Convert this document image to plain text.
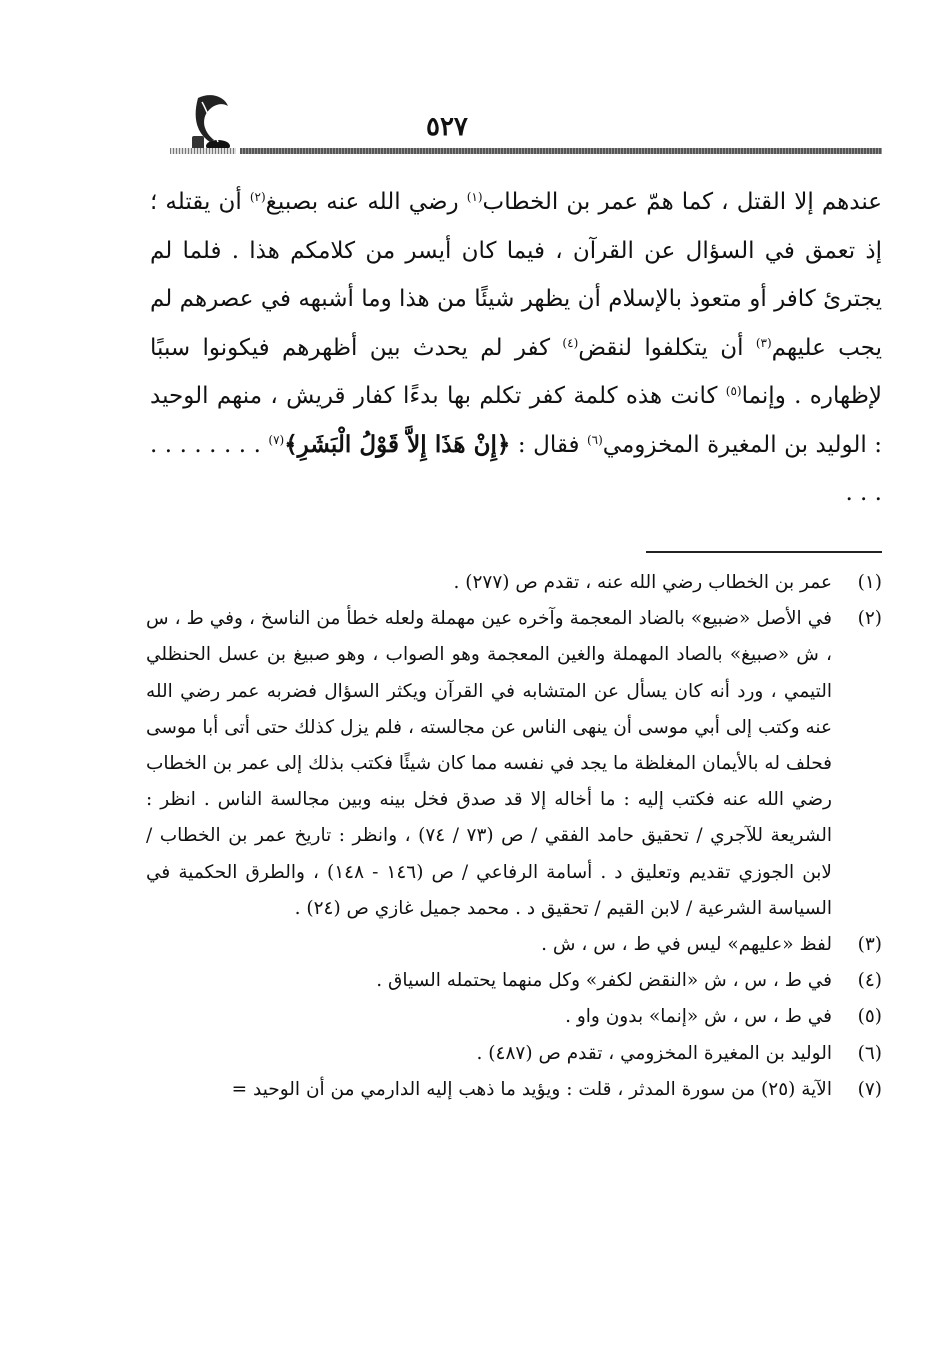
٥٢٧

عندهم إلا القتل ، كما همّ عمر بن الخطاب$^{(١)}$ رضي الله عنه بصبيغ$^{(٢)}$ أن يقتله ؛ إذ تعمق في السؤال عن القرآن ، فيما كان أيسر من كلامكم هذا . فلما لم يجترئ كافر أو متعوذ بالإسلام أن يظهر شيئًا من هذا وما أشبهه في عصرهم لم يجب عليهم$^{(٣)}$ أن يتكلفوا لنقض$^{(٤)}$ كفر لم يحدث بين أظهرهم فيكونوا سببًا لإظهاره . وإنما$^{(٥)}$ كانت هذه كلمة كفر تكلم بها بدءًا كفار قريش ، منهم الوحيد : الوليد بن المغيرة المخزومي$^{(٦)}$ فقال : ﴿إِنْ هَذَا إِلاَّ قَوْلُ الْبَشَرِ﴾$^{(٧)}$ . . . . . . . . . . .

(١)
عمر بن الخطاب رضي الله عنه ، تقدم ص (٢٧٧) .
(٢)
في الأصل «ضبيع» بالضاد المعجمة وآخره عين مهملة ولعله خطأ من الناسخ ، وفي ط ، س ، ش «صبيغ» بالصاد المهملة والغين المعجمة وهو الصواب ، وهو صبيغ بن عسل الحنظلي التيمي ، ورد أنه كان يسأل عن المتشابه في القرآن ويكثر السؤال فضربه عمر رضي الله عنه وكتب إلى أبي موسى أن ينهى الناس عن مجالسته ، فلم يزل كذلك حتى أتى أبا موسى فحلف له بالأيمان المغلظة ما يجد في نفسه مما كان شيئًا فكتب بذلك إلى عمر بن الخطاب رضي الله عنه فكتب إليه : ما أخاله إلا قد صدق فخل بينه وبين مجالسة الناس . انظر : الشريعة للآجري / تحقيق حامد الفقي / ص (٧٣ / ٧٤) ، وانظر : تاريخ عمر بن الخطاب / لابن الجوزي تقديم وتعليق د . أسامة الرفاعي / ص (١٤٦ - ١٤٨) ، والطرق الحكمية في السياسة الشرعية / لابن القيم / تحقيق د . محمد جميل غازي ص (٢٤) .
(٣)
لفظ «عليهم» ليس في ط ، س ، ش .
(٤)
في ط ، س ، ش «النقض لكفر» وكل منهما يحتمله السياق .
(٥)
في ط ، س ، ش «إنما» بدون واو .
(٦)
الوليد بن المغيرة المخزومي ، تقدم ص (٤٨٧) .
(٧)
الآية (٢٥) من سورة المدثر ، قلت : ويؤيد ما ذهب إليه الدارمي من أن الوحيد =
